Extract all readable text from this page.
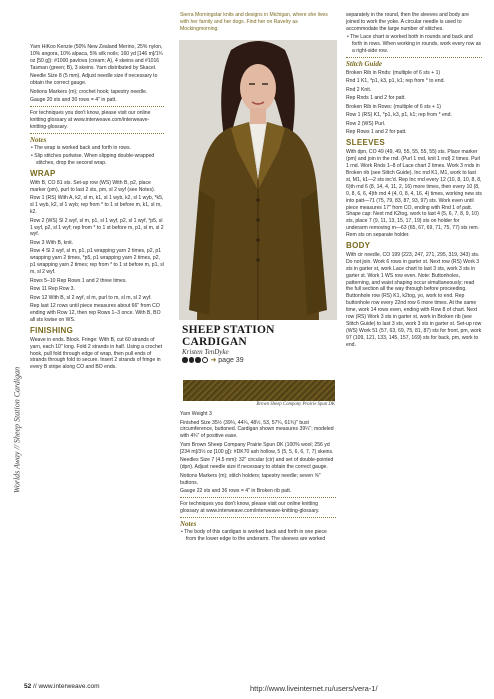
Worlds Away // Sheep Station Cardigan

Yarn HiKoo Kenzie (50% New Zealand Merino, 25% nylon, 10% angora, 10% alpaca, 5% silk noils; 160 yd [146 m]/1¾ oz [50 g]): #1000 pavlova (cream; A), 4 skeins and #1016 Tasman (green; B), 3 skeins. Yarn distributed by Skacel.

Needle Size 8 (5 mm). Adjust needle size if necessary to obtain the correct gauge.

Notions Markers (m); crochet hook; tapestry needle.

Gauge 20 sts and 30 rows = 4" in patt.

For techniques you don't know, please visit our online knitting glossary at www.interweave.com/interweave-knitting-glossary.

Notes

• The wrap is worked back and forth in rows.

• Slip stitches purlwise. When slipping double-wrapped stitches, drop the second wrap.

WRAP

With B, CO 81 sts. Set-up row (WS) With B, p2, place marker (pm), purl to last 2 sts, pm, sl 2 wyf (see Notes).

Row 1 (RS) With A, k2, sl m, k1, sl 1 wyb, k2, sl 1 wyb, *k5, sl 1 wyb, k2, sl 1 wyb; rep from * to 1 st before m, k1, sl m, k2.

Row 2 (WS) Sl 2 wyf, sl m, p1, sl 1 wyf, p2, sl 1 wyf, *p5, sl 1 wyf, p2, sl 1 wyf; rep from * to 1 st before m, p1, sl m, sl 2 wyf.

Row 3 With B, knit.

Row 4 Sl 2 wyf, sl m, p1, p1 wrapping yarn 2 times, p2, p1 wrapping yarn 2 times, *p5, p1 wrapping yarn 2 times, p2, p1 wrapping yarn 2 times; rep from * to 1 st before m, p1, sl m, sl 2 wyf.

Rows 5–10 Rep Rows 1 and 2 three times.

Row 11 Rep Row 3.

Row 12 With B, sl 2 wyf, sl m, purl to m, sl m, sl 2 wyf.

Rep last 12 rows until piece measures about 66" from CO ending with Row 12, then rep Rows 1–3 once. With B, BO all sts kwise on WS.

FINISHING

Weave in ends. Block. Fringe: With B, cut 60 strands of yarn, each 10" long. Fold 2 strands in half. Using a crochet hook, pull fold through edge of wrap, then pull ends of strands through fold to secure. Insert 2 strands of fringe in every B stripe along CO and BO ends.

Sierra Morningstar knits and designs in Michigan, where she lives with her family and her dogs. Find her on Ravelry as Mockingmorning.
SHEEP STATION CARDIGAN
Kristen TenDyke
➜ page 39
Brown Sheep Company Prairie Spun DK

Yarn Weight 3

Finished Size 35½ (39¼, 44¼, 48½, 53, 57¾, 61¾)" bust circumference, buttoned. Cardigan shown measures 39¼"; modeled with 4¾" of positive ease.

Yarn Brown Sheep Company Prairie Spun DK (100% wool; 256 yd [234 m]/3½ oz [100 g]): #DK70 ash hollow, 5 (5, 5, 6, 6, 7, 7) skeins.

Needles Size 7 (4.5 mm): 32" circular (cir) and set of double-pointed (dpn). Adjust needle size if necessary to obtain the correct gauge.

Notions Markers (m); stitch holders; tapestry needle; seven ⅝" buttons.

Gauge 22 sts and 36 rows = 4" in Broken rib patt.

For techniques you don't know, please visit our online knitting glossary at www.interweave.com/interweave-knitting-glossary.

Notes

• The body of this cardigan is worked back and forth in one piece from the lower edge to the underarm. The sleeves are worked

separately in the round, then the sleeves and body are joined to work the yoke. A circular needle is used to accommodate the large number of stitches.

• The Lace chart is worked both in rounds and back and forth in rows. When working in rounds, work every row as a right-side row.

Stitch Guide

Broken Rib in Rnds: (multiple of 6 sts + 1)

Rnd 1 K1, *p1, k3, p1, k1; rep from * to end.

Rnd 2 Knit.

Rep Rnds 1 and 2 for patt.

Broken Rib in Rows: (multiple of 6 sts + 1)

Row 1 (RS) K1, *p1, k3, p1, k1; rep from * end.

Row 2 (WS) Purl.

Rep Rows 1 and 2 for patt.

SLEEVES

With dpn, CO 49 (49, 49, 55, 55, 55, 55) sts. Place marker (pm) and join in the rnd. (Purl 1 rnd, knit 1 rnd) 2 times. Purl 1 rnd. Work Rnds 1–8 of Lace chart 2 times. Work 3 rnds in Broken rib (see Stitch Guide). Inc rnd K1, M1, work to last st, M1, k1—2 sts inc'd. Rep Inc rnd every 12 (10, 8, 10, 8, 8, 6)th rnd 6 (8, 14, 4, 11, 2, 16) more times, then every 10 (8, 0, 8, 6, 6, 4)th rnd 4 (4, 0, 8, 4, 16, 4) times, working new sts into patt—71 (75, 79, 83, 87, 93, 97) sts. Work even until piece measures 17" from CO, ending with Rnd 1 of patt. Shape cap: Next rnd K2tog, work to last 4 (5, 6, 7, 8, 9, 10) sts, place 7 (9, 11, 13, 15, 17, 19) sts on holder for underarm removing m—63 (65, 67, 69, 71, 75, 77) sts rem. Rem sts on separate holder.

BODY

With cir needle, CO 199 (223, 247, 271, 295, 319, 343) sts. Do not join. Work 6 rows in garter st. Next row (RS) Work 3 sts in garter st, work Lace chart to last 3 sts, work 3 sts in garter st. Work 1 WS row even. Note: Buttonholes, patterning, and waist shaping occur simultaneously; read the full section all the way through before proceeding. Buttonhole row (RS) K1, k2tog, yo, work to end. Rep buttonhole row every 22nd row 6 more times. At the same time, work 14 rows even, ending with Row 8 of chart. Next row (RS) Work 3 sts in garter st, work in Broken rib (see Stitch Guide) to last 3 sts, work 3 sts in garter st. Set-up row (WS) Work 51 (57, 63, 69, 75, 81, 87) sts for front, pm, work 97 (109, 121, 133, 145, 157, 169) sts for back, pm, work to end.

52 // www.interweave.com	http://www.liveinternet.ru/users/vera-1/
